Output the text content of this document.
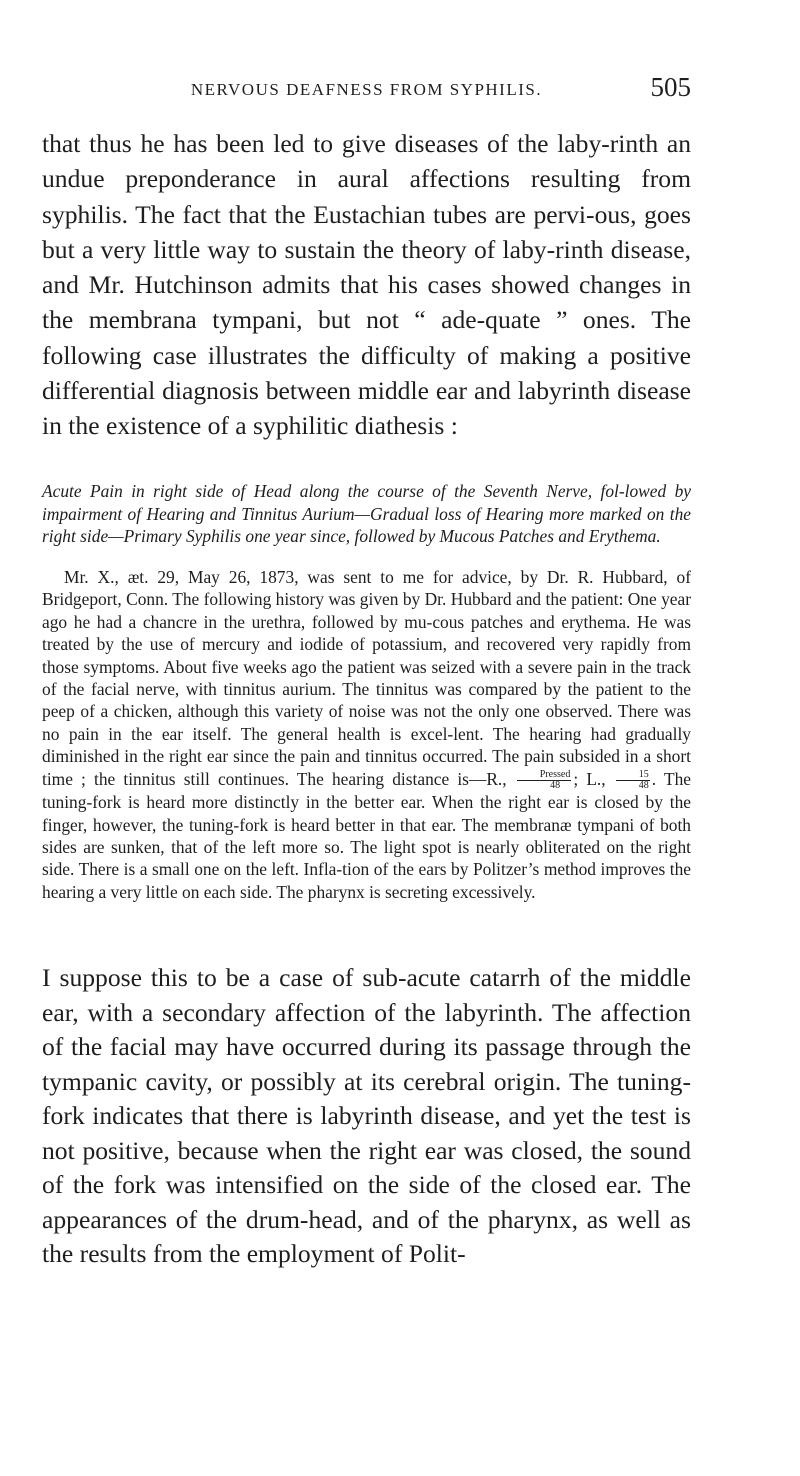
NERVOUS DEAFNESS FROM SYPHILIS.	505

that thus he has been led to give diseases of the laby-rinth an undue preponderance in aural affections resulting from syphilis. The fact that the Eustachian tubes are pervi-ous, goes but a very little way to sustain the theory of laby-rinth disease, and Mr. Hutchinson admits that his cases showed changes in the membrana tympani, but not “ ade-quate ” ones. The following case illustrates the difficulty of making a positive differential diagnosis between middle ear and labyrinth disease in the existence of a syphilitic diathesis :

Acute Pain in right side of Head along the course of the Seventh Nerve, fol-lowed by impairment of Hearing and Tinnitus Aurium—Gradual loss of Hearing more marked on the right side—Primary Syphilis one year since, followed by Mucous Patches and Erythema.

Mr. X., æt. 29, May 26, 1873, was sent to me for advice, by Dr. R. Hubbard, of Bridgeport, Conn. The following history was given by Dr. Hubbard and the patient: One year ago he had a chancre in the urethra, followed by mu-cous patches and erythema. He was treated by the use of mercury and iodide of potassium, and recovered very rapidly from those symptoms. About five weeks ago the patient was seized with a severe pain in the track of the facial nerve, with tinnitus aurium. The tinnitus was compared by the patient to the peep of a chicken, although this variety of noise was not the only one observed. There was no pain in the ear itself. The general health is excel-lent. The hearing had gradually diminished in the right ear since the pain and tinnitus occurred. The pain subsided in a short time ; the tinnitus still continues. The hearing distance is—R., $\frac{\text{Pressed}}{48}$ ; L., $\frac{15}{48}$ . The tuning-fork is heard more distinctly in the better ear. When the right ear is closed by the finger, however, the tuning-fork is heard better in that ear. The membranæ tympani of both sides are sunken, that of the left more so. The light spot is nearly obliterated on the right side. There is a small one on the left. Infla-tion of the ears by Politzer’s method improves the hearing a very little on each side. The pharynx is secreting excessively.

I suppose this to be a case of sub-acute catarrh of the middle ear, with a secondary affection of the labyrinth. The affection of the facial may have occurred during its passage through the tympanic cavity, or possibly at its cerebral origin. The tuning-fork indicates that there is labyrinth disease, and yet the test is not positive, because when the right ear was closed, the sound of the fork was intensified on the side of the closed ear. The appearances of the drum-head, and of the pharynx, as well as the results from the employment of Polit-
